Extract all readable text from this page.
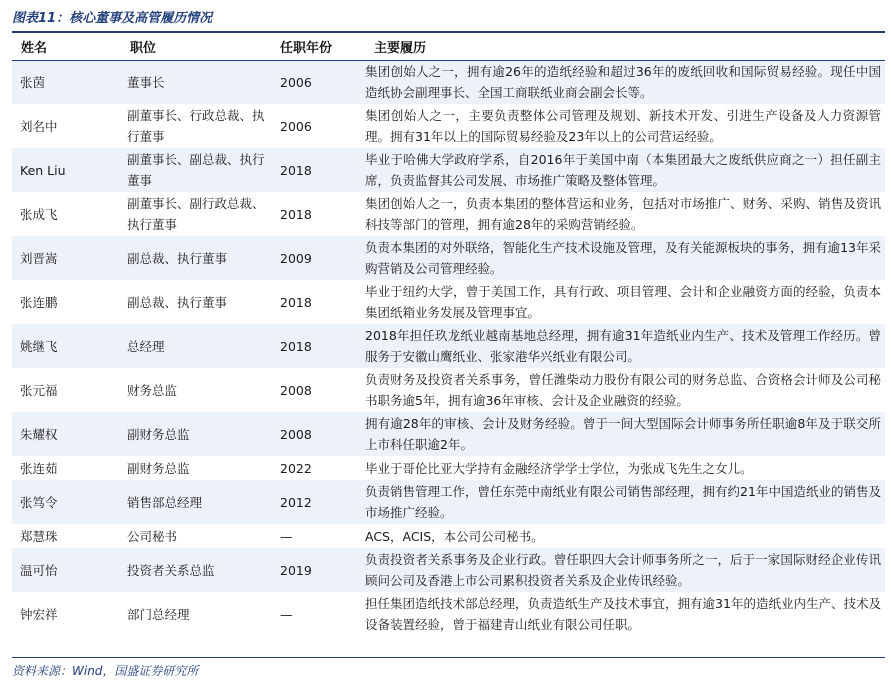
图表11：核心董事及高管履历情况
姓名	职位	任职年份	主要履历
张茵	董事长	2006	集团创始人之一，拥有逾26年的造纸经验和超过36年的废纸回收和国际贸易经验。现任中国造纸协会副理事长、全国工商联纸业商会副会长等。
刘名中	副董事长、行政总裁、执行董事	2006	集团创始人之一，主要负责整体公司管理及规划、新技术开发、引进生产设备及人力资源管理。拥有31年以上的国际贸易经验及23年以上的公司营运经验。
Ken Liu	副董事长、副总裁、执行董事	2018	毕业于哈佛大学政府学系，自2016年于美国中南（本集团最大之废纸供应商之一）担任副主席，负责监督其公司发展、市场推广策略及整体管理。
张成飞	副董事长、副行政总裁、执行董事	2018	集团创始人之一，负责本集团的整体营运和业务，包括对市场推广、财务、采购、销售及资讯科技等部门的管理，拥有逾28年的采购营销经验。
刘晋嵩	副总裁、执行董事	2009	负责本集团的对外联络，智能化生产技术设施及管理，及有关能源板块的事务，拥有逾13年采购营销及公司管理经验。
张连鹏	副总裁、执行董事	2018	毕业于纽约大学，曾于美国工作，具有行政、项目管理、会计和企业融资方面的经验，负责本集团纸箱业务发展及管理事宜。
姚继飞	总经理	2018	2018年担任玖龙纸业越南基地总经理，拥有逾31年造纸业内生产、技术及管理工作经历。曾服务于安徽山鹰纸业、张家港华兴纸业有限公司。
张元福	财务总监	2008	负责财务及投资者关系事务，曾任潍柴动力股份有限公司的财务总监、合资格会计师及公司秘书职务逾5年，拥有逾36年审核、会计及企业融资的经验。
朱耀权	副财务总监	2008	拥有逾28年的审核、会计及财务经验。曾于一间大型国际会计师事务所任职逾8年及于联交所上市科任职逾2年。
张连茹	副财务总监	2022	毕业于哥伦比亚大学持有金融经济学学士学位，为张成飞先生之女儿。
张笃令	销售部总经理	2012	负责销售管理工作，曾任东莞中南纸业有限公司销售部经理，拥有约21年中国造纸业的销售及市场推广经验。
郑慧珠	公司秘书	—	ACS，ACIS，本公司公司秘书。
温可怡	投资者关系总监	2019	负责投资者关系事务及企业行政。曾任职四大会计师事务所之一，后于一家国际财经企业传讯顾问公司及香港上市公司累积投资者关系及企业传讯经验。
钟宏祥	部门总经理	—	担任集团造纸技术部总经理，负责造纸生产及技术事宜，拥有逾31年的造纸业内生产、技术及设备装置经验，曾于福建青山纸业有限公司任职。
资料来源：Wind，国盛证券研究所
